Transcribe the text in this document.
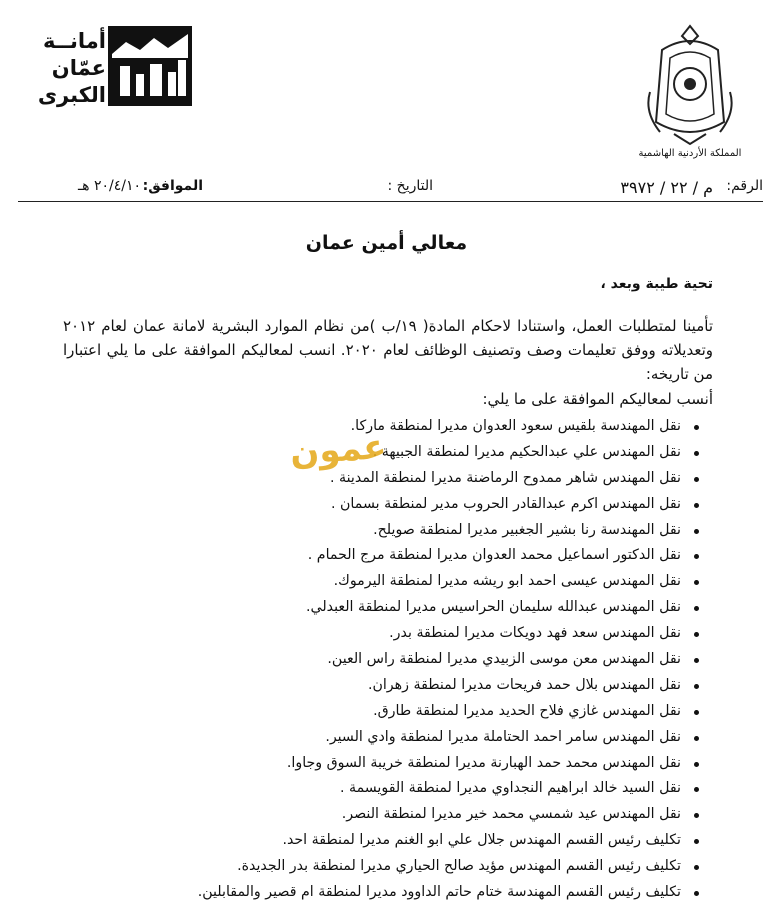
أمانــة
عمّان
الكبرى
المملكة الأردنية الهاشمية
الرقم:
م / ٢٢ / ٣٩٧٢
التاريخ :
الموافق:
٢٠/٤/١٠ هـ
معالي أمين عمان
تحية طيبة وبعد ،
تأمينا لمتطلبات العمل، واستنادا لاحكام المادة( ١٩/ب )من نظام الموارد البشرية لامانة عمان لعام ٢٠١٢ وتعديلاته ووفق تعليمات وصف وتصنيف الوظائف لعام ٢٠٢٠. انسب لمعاليكم الموافقة على ما يلي اعتبارا من تاريخه:
أنسب لمعاليكم الموافقة على ما يلي:
نقل المهندسة بلقيس سعود العدوان مديرا لمنطقة ماركا.
نقل المهندس علي عبدالحكيم مديرا لمنطقة الجبيهة .
نقل المهندس شاهر ممدوح الرماضنة مديرا لمنطقة المدينة .
نقل المهندس اكرم عبدالقادر الحروب مدير لمنطقة بسمان .
نقل المهندسة رنا بشير الجغبير مديرا لمنطقة صويلح.
نقل الدكتور اسماعيل محمد العدوان مديرا لمنطقة مرج الحمام .
نقل المهندس عيسى احمد ابو ريشه مديرا لمنطقة اليرموك.
نقل المهندس عبدالله سليمان الحراسيس مديرا لمنطقة العبدلي.
نقل المهندس سعد فهد دويكات مديرا لمنطقة بدر.
نقل المهندس معن موسى الزبيدي مديرا لمنطقة راس العين.
نقل المهندس بلال حمد فريحات مديرا لمنطقة زهران.
نقل المهندس غازي فلاح الحديد مديرا لمنطقة طارق.
نقل المهندس سامر احمد الحتاملة مديرا لمنطقة وادي السير.
نقل المهندس محمد حمد الهبارنة مديرا لمنطقة خريبة السوق وجاوا.
نقل السيد خالد ابراهيم النجداوي مديرا لمنطقة القويسمة .
نقل المهندس عيد شمسي محمد خير مديرا لمنطقة النصر.
تكليف رئيس القسم المهندس جلال علي ابو الغنم مديرا لمنطقة احد.
تكليف رئيس القسم المهندس مؤيد صالح الحياري مديرا لمنطقة بدر الجديدة.
تكليف رئيس القسم المهندسة ختام حاتم الداوود مديرا لمنطقة ام قصير والمقابلين.
عمون
